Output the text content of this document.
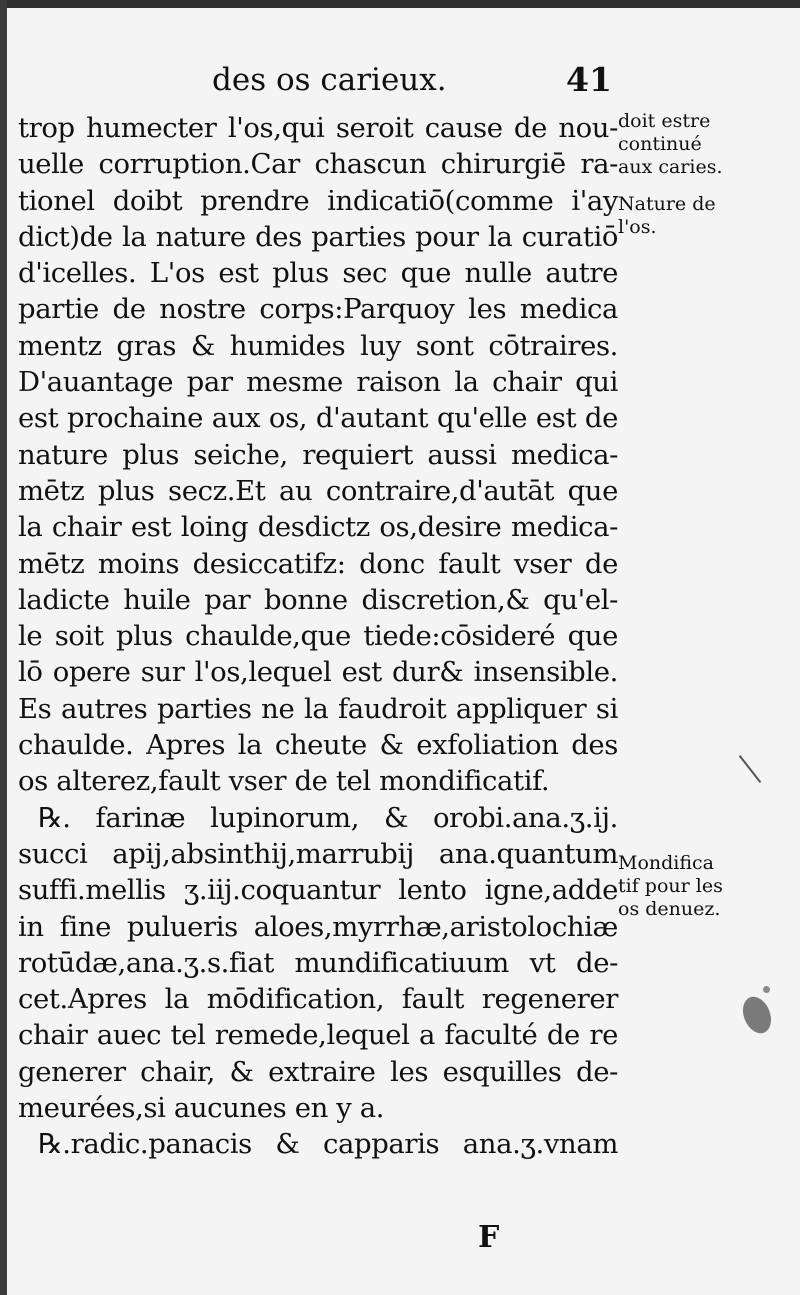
des os carieux.	41
trop humecter l'os,qui seroit cause de nou-
uelle corruption.Car chascun chirurgiē ra-
tionel doibt prendre indicatiō(comme i'ay
dict)de la nature des parties pour la curatiō
d'icelles. L'os est plus sec que nulle autre
partie de nostre corps:Parquoy les medica
mentz gras & humides luy sont cōtraires.
D'auantage par mesme raison la chair qui
est prochaine aux os, d'autant qu'elle est de
nature plus seiche, requiert aussi medica-
mētz plus secz.Et au contraire,d'autāt que
la chair est loing desdictz os,desire medica-
mētz moins desiccatifz: donc fault vser de
ladicte huile par bonne discretion,& qu'el-
le soit plus chaulde,que tiede:cōsideré que
lō opere sur l'os,lequel est dur& insensible.
Es autres parties ne la faudroit appliquer si
chaulde. Apres la cheute & exfoliation des
os alterez,fault vser de tel mondificatif.
℞. farinæ lupinorum, & orobi.ana.ʒ.ij.
succi apij,absinthij,marrubij ana.quantum
suffi.mellis ʒ.iij.coquantur lento igne,adde
in fine pulueris aloes,myrrhæ,aristolochiæ
rotūdæ,ana.ʒ.s.fiat mundificatiuum vt de-
cet.Apres la mōdification, fault regenerer
chair auec tel remede,lequel a faculté de re
generer chair, & extraire les esquilles de-
meurées,si aucunes en y a.
℞.radic.panacis & capparis ana.ʒ.vnam
doit estre
continué
aux caries.
Nature de
l'os.
Mondifica
tif pour les
os denuez.
F
